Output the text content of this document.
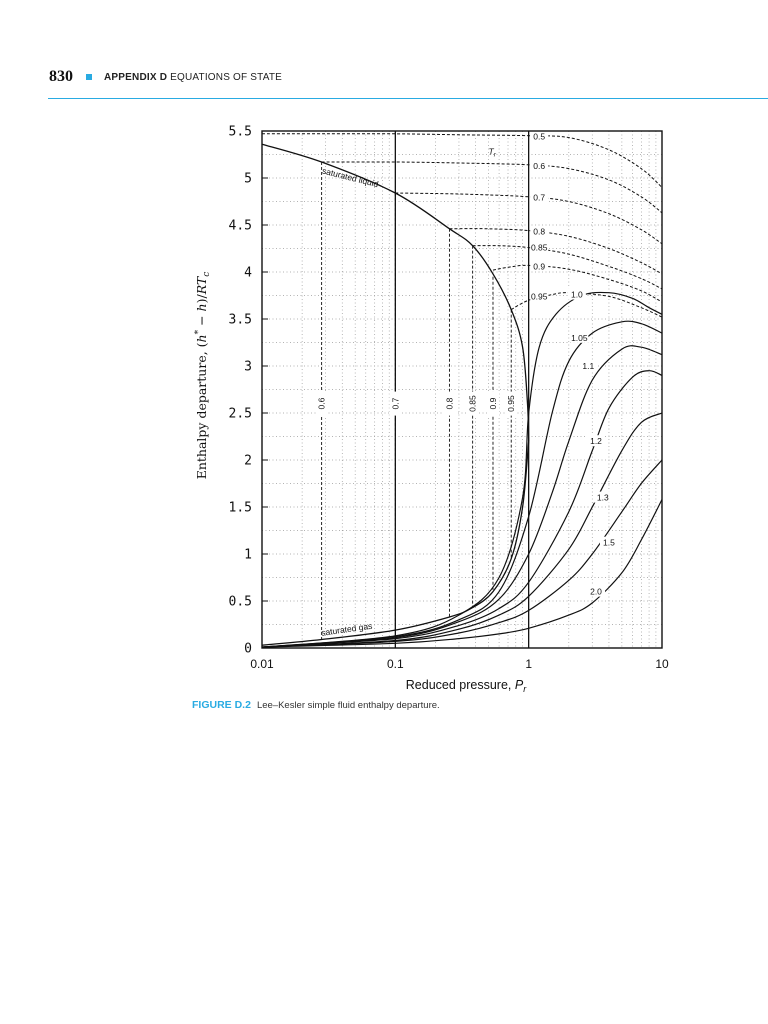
830	APPENDIX D EQUATIONS OF STATE
0.5
0.6
0.7
0.8
0.85
0.9
0.95	1.0
1.05
1.1
1.2
1.3
1.5
2.0
0.6	0.7	0.8 0.85 0.9 0.95
saturated liquid
saturated gas
$T_r$
0
0.5
1
1.5
2
2.5
3
3.5
4
4.5
5
5.5
0.01	0.1	1	10
Reduced pressure, $P_r$
Enthalpy departure, $(h^* - h)/RT_c$
FIGURE D.2 Lee–Kesler simple fluid enthalpy departure.
